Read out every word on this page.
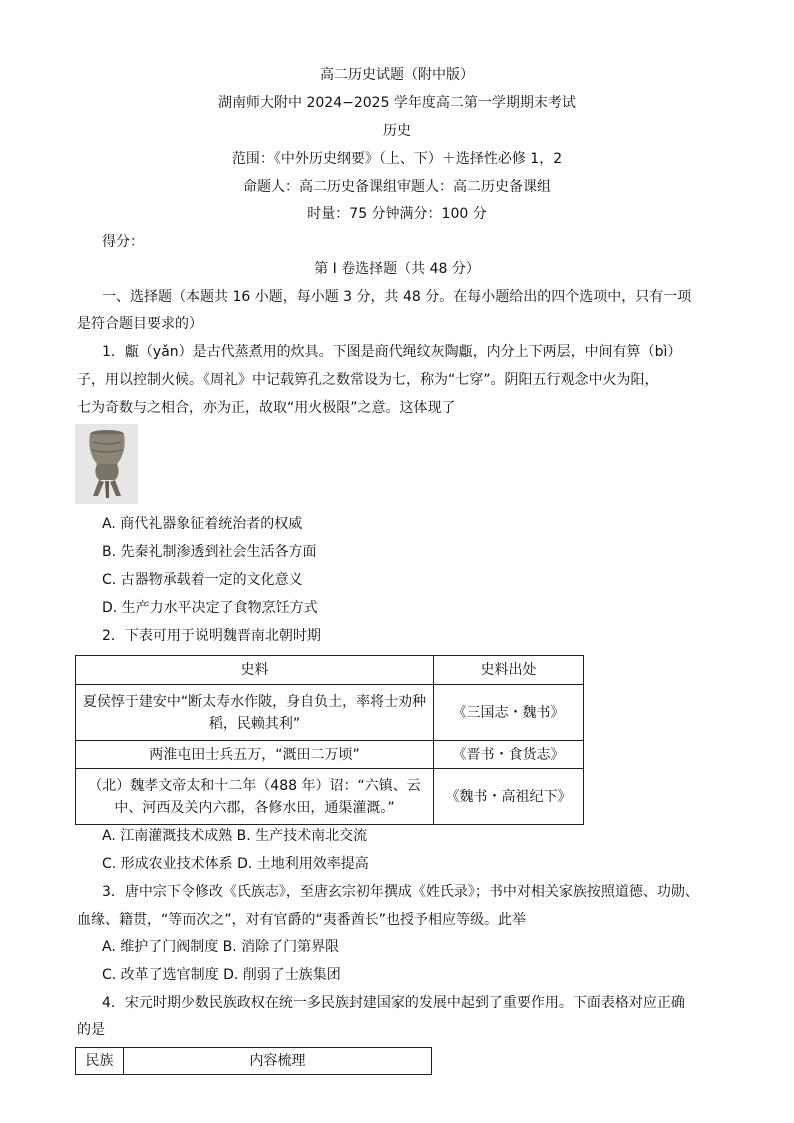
高二历史试题（附中版）
湖南师大附中 2024−2025 学年度高二第一学期期末考试
历史
范围：《中外历史纲要》（上、下）＋选择性必修 1，2
命题人：高二历史备课组审题人：高二历史备课组
时量：75 分钟满分：100 分
得分：
第 I 卷选择题（共 48 分）
一、选择题（本题共 16 小题，每小题 3 分，共 48 分。在每小题给出的四个选项中，只有一项
是符合题目要求的）
1．甗（yǎn）是古代蒸煮用的炊具。下图是商代绳纹灰陶甗，内分上下两层，中间有箅（bì）
子，用以控制火候。《周礼》中记载箅孔之数常设为七，称为“七穿”。阴阳五行观念中火为阳，
七为奇数与之相合，亦为正，故取“用火极限”之意。这体现了
A. 商代礼器象征着统治者的权威
B. 先秦礼制渗透到社会生活各方面
C. 古器物承载着一定的文化意义
D. 生产力水平决定了食物烹饪方式
2．下表可用于说明魏晋南北朝时期
史料	史料出处

夏侯惇于建安中“断太寿水作陂，身自负土，率将士劝种
稻，民赖其利”	《三国志・魏书》
两淮屯田士兵五万，“溉田二万顷”	《晋书・食货志》

（北）魏孝文帝太和十二年（488 年）诏：“六镇、云
中、河西及关内六郡，各修水田，通渠灌溉。”	《魏书・高祖纪下》
A. 江南灌溉技术成熟 B. 生产技术南北交流
C. 形成农业技术体系 D. 土地利用效率提高
3．唐中宗下令修改《氏族志》，至唐玄宗初年撰成《姓氏录》；书中对相关家族按照道德、功勋、
血缘、籍贯，“等而次之”，对有官爵的“夷番酋长”也授予相应等级。此举
A. 维护了门阀制度 B. 消除了门第界限
C. 改革了选官制度 D. 削弱了士族集团
4．宋元时期少数民族政权在统一多民族封建国家的发展中起到了重要作用。下面表格对应正确
的是
民族	内容梳理
